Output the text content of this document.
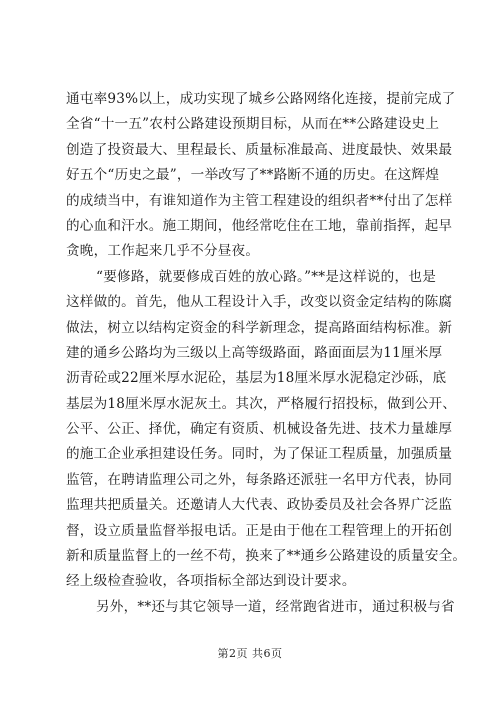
通屯率93%以上，成功实现了城乡公路网络化连接，提前完成了
全省“十一五”农村公路建设预期目标，从而在**公路建设史上
创造了投资最大、里程最长、质量标准最高、进度最快、效果最
好五个“历史之最”，一举改写了**路断不通的历史。在这辉煌
的成绩当中，有谁知道作为主管工程建设的组织者**付出了怎样
的心血和汗水。施工期间，他经常吃住在工地，靠前指挥，起早
贪晚，工作起来几乎不分昼夜。
“要修路，就要修成百姓的放心路。”**是这样说的，也是
这样做的。首先，他从工程设计入手，改变以资金定结构的陈腐
做法，树立以结构定资金的科学新理念，提高路面结构标准。新
建的通乡公路均为三级以上高等级路面，路面面层为11厘米厚
沥青砼或22厘米厚水泥砼，基层为18厘米厚水泥稳定沙砾，底
基层为18厘米厚水泥灰土。其次，严格履行招投标，做到公开、
公平、公正、择优，确定有资质、机械设备先进、技术力量雄厚
的施工企业承担建设任务。同时，为了保证工程质量，加强质量
监管，在聘请监理公司之外，每条路还派驻一名甲方代表，协同
监理共把质量关。还邀请人大代表、政协委员及社会各界广泛监
督，设立质量监督举报电话。正是由于他在工程管理上的开拓创
新和质量监督上的一丝不苟，换来了**通乡公路建设的质量安全。
经上级检查验收，各项指标全部达到设计要求。
另外，**还与其它领导一道，经常跑省进市，通过积极与省
第2页 共6页
